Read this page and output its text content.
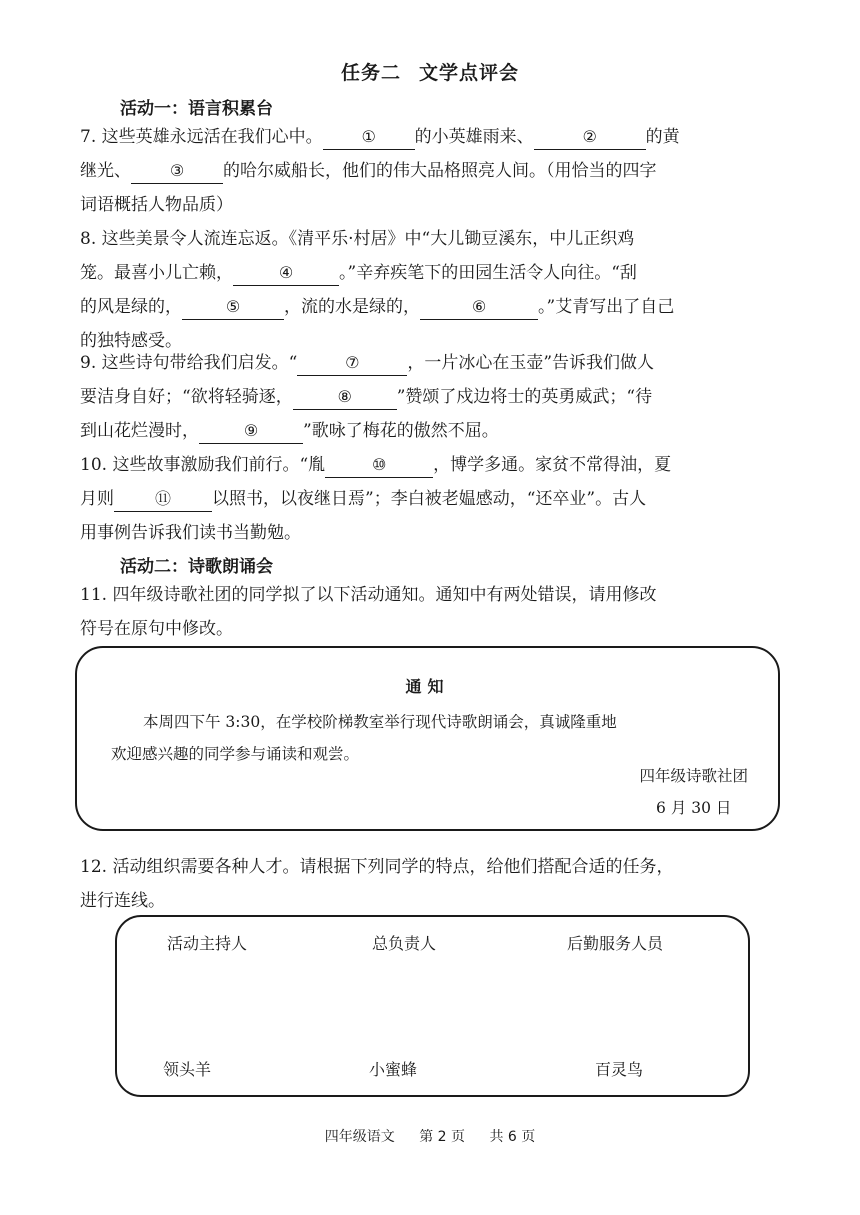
任务二 文学点评会
活动一：语言积累台
7. 这些英雄永远活在我们心中。 ① 的小英雄雨来、	②	的黄
继光、 ③ 的哈尔威船长，他们的伟大品格照亮人间。（用恰当的四字
词语概括人物品质）
8. 这些美景令人流连忘返。《清平乐·村居》中“大儿锄豆溪东，中儿正织鸡
笼。最喜小儿亡赖，	④	。”辛弃疾笔下的田园生活令人向往。“刮
的风是绿的，	⑤	，流的水是绿的，	⑥	。”艾青写出了自己
的独特感受。
9. 这些诗句带给我们启发。“	⑦	，一片冰心在玉壶”告诉我们做人
要洁身自好；“欲将轻骑逐，	⑧	”赞颂了戍边将士的英勇威武；“待
到山花烂漫时，	⑨	”歌咏了梅花的傲然不屈。
10. 这些故事激励我们前行。“胤	⑩	，博学多通。家贫不常得油，夏
月则	⑪ 以照书，以夜继日焉”；李白被老媪感动，“还卒业”。古人
用事例告诉我们读书当勤勉。
活动二：诗歌朗诵会
11. 四年级诗歌社团的同学拟了以下活动通知。通知中有两处错误，请用修改
符号在原句中修改。
通知
本周四下午 3:30，在学校阶梯教室举行现代诗歌朗诵会，真诚隆重地
欢迎感兴趣的同学参与诵读和观尝。
四年级诗歌社团
6 月 30 日
12. 活动组织需要各种人才。请根据下列同学的特点，给他们搭配合适的任务，
进行连线。
活动主持人	总负责人	后勤服务人员
领头羊	小蜜蜂	百灵鸟
四年级语文 第 2 页 共 6 页
